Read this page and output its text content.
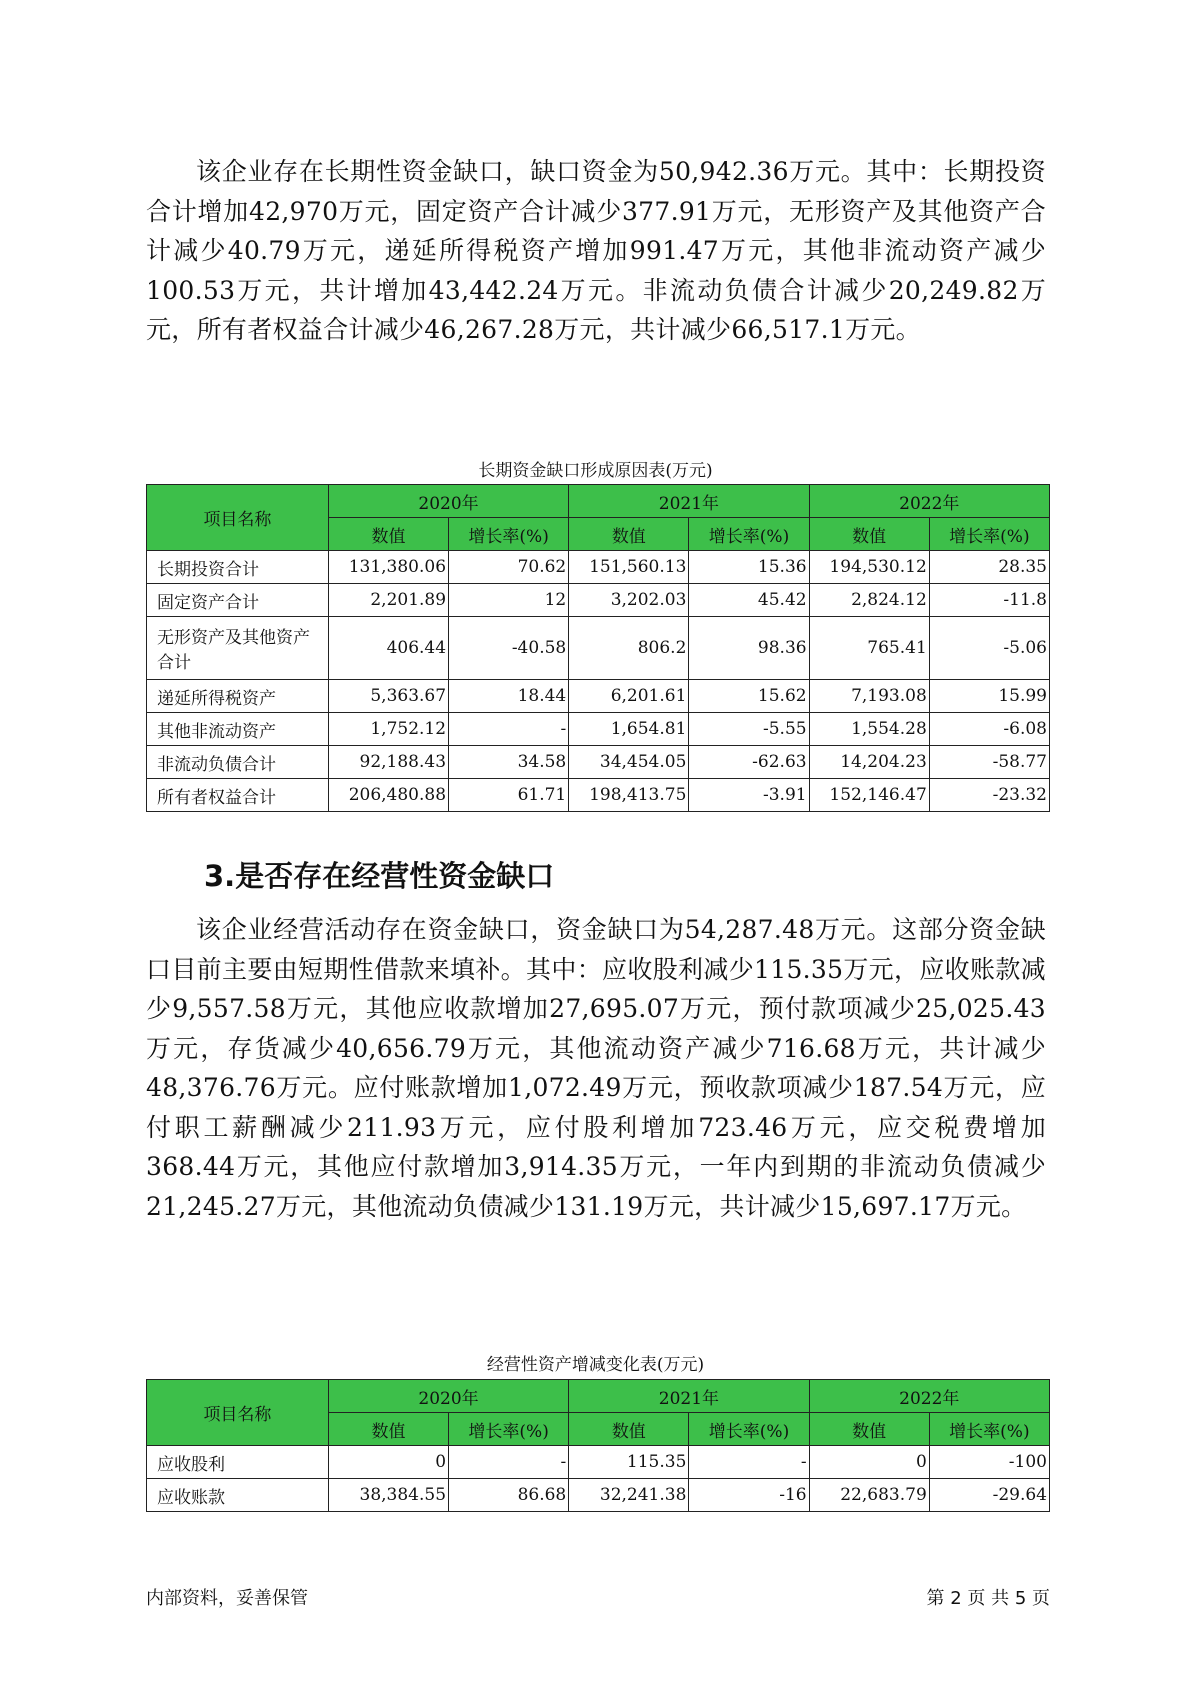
该企业存在长期性资金缺口，缺口资金为50,942.36万元。其中：长期投资合计增加42,970万元，固定资产合计减少377.91万元，无形资产及其他资产合计减少40.79万元，递延所得税资产增加991.47万元，其他非流动资产减少100.53万元，共计增加43,442.24万元。非流动负债合计减少20,249.82万元，所有者权益合计减少46,267.28万元，共计减少66,517.1万元。

长期资金缺口形成原因表(万元)

项目名称	2020年		2021年		2022年	
	数值	增长率(%)	数值	增长率(%)	数值	增长率(%)
长期投资合计	131,380.06	70.62	151,560.13	15.36	194,530.12	28.35
固定资产合计	2,201.89	12	3,202.03	45.42	2,824.12	-11.8
无形资产及其他资产合计	406.44	-40.58	806.2	98.36	765.41	-5.06
递延所得税资产	5,363.67	18.44	6,201.61	15.62	7,193.08	15.99
其他非流动资产	1,752.12	-	1,654.81	-5.55	1,554.28	-6.08
非流动负债合计	92,188.43	34.58	34,454.05	-62.63	14,204.23	-58.77
所有者权益合计	206,480.88	61.71	198,413.75	-3.91	152,146.47	-23.32
3.是否存在经营性资金缺口

该企业经营活动存在资金缺口，资金缺口为54,287.48万元。这部分资金缺口目前主要由短期性借款来填补。其中：应收股利减少115.35万元，应收账款减少9,557.58万元，其他应收款增加27,695.07万元，预付款项减少25,025.43万元，存货减少40,656.79万元，其他流动资产减少716.68万元，共计减少48,376.76万元。应付账款增加1,072.49万元，预收款项减少187.54万元，应付职工薪酬减少211.93万元，应付股利增加723.46万元，应交税费增加368.44万元，其他应付款增加3,914.35万元，一年内到期的非流动负债减少21,245.27万元，其他流动负债减少131.19万元，共计减少15,697.17万元。

经营性资产增减变化表(万元)

项目名称	2020年		2021年		2022年	
	数值	增长率(%)	数值	增长率(%)	数值	增长率(%)
应收股利	0	-	115.35	-	0	-100
应收账款	38,384.55	86.68	32,241.38	-16	22,683.79	-29.64

内部资料，妥善保管	第 2 页 共 5 页
